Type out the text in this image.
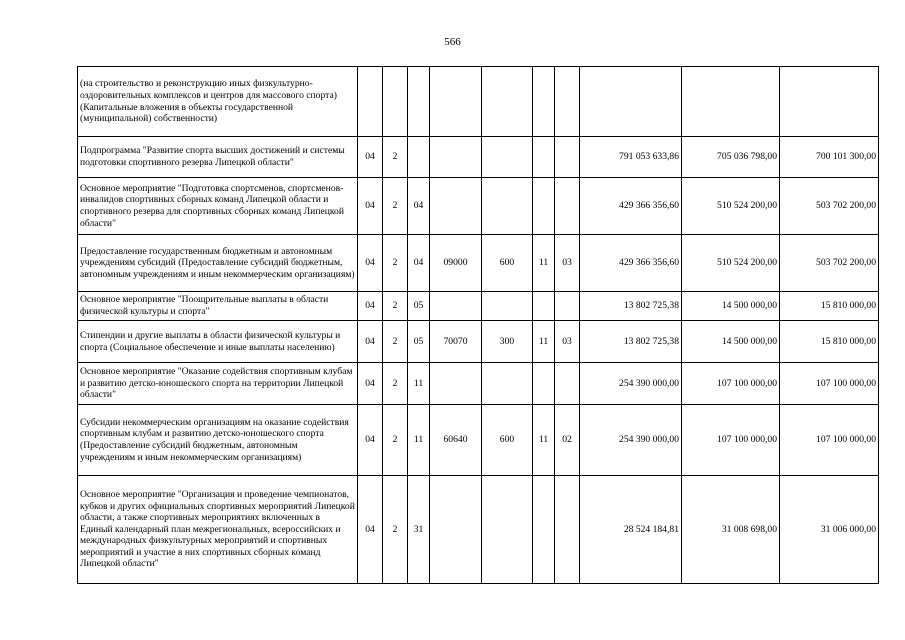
566
(на строительство и реконструкцию иных физкультурно-оздоровительных комплексов и центров для массового спорта) (Капитальные вложения в объекты государственной (муниципальной) собственности)										
Подпрограмма "Развитие спорта высших достижений и системы подготовки спортивного резерва Липецкой области"	04	2						791 053 633,86	705 036 798,00	700 101 300,00
Основное мероприятие "Подготовка спортсменов, спортсменов-инвалидов спортивных сборных команд Липецкой области и спортивного резерва для спортивных сборных команд Липецкой области"	04	2	04					429 366 356,60	510 524 200,00	503 702 200,00
Предоставление государственным бюджетным и автономным учреждениям субсидий (Предоставление субсидий бюджетным, автономным учреждениям и иным некоммерческим организациям)	04	2	04	09000	600	11	03	429 366 356,60	510 524 200,00	503 702 200,00
Основное мероприятие "Поощрительные выплаты в области физической культуры и спорта"	04	2	05					13 802 725,38	14 500 000,00	15 810 000,00
Стипендии и другие выплаты в области физической культуры и спорта (Социальное обеспечение и иные выплаты населению)	04	2	05	70070	300	11	03	13 802 725,38	14 500 000,00	15 810 000,00
Основное мероприятие "Оказание содействия спортивным клубам и развитию детско-юношеского спорта на территории Липецкой области"	04	2	11					254 390 000,00	107 100 000,00	107 100 000,00
Субсидии некоммерческим организациям на оказание содействия спортивным клубам и развитию детско-юношеского спорта (Предоставление субсидий бюджетным, автономным учреждениям и иным некоммерческим организациям)	04	2	11	60640	600	11	02	254 390 000,00	107 100 000,00	107 100 000,00
Основное мероприятие "Организация и проведение чемпионатов, кубков и других официальных спортивных мероприятий Липецкой области, а также спортивных мероприятиях включенных в Единый календарный план межрегиональных, всероссийских и международных физкультурных мероприятий и спортивных мероприятий и участие в них спортивных сборных команд Липецкой области"	04	2	31					28 524 184,81	31 008 698,00	31 006 000,00
